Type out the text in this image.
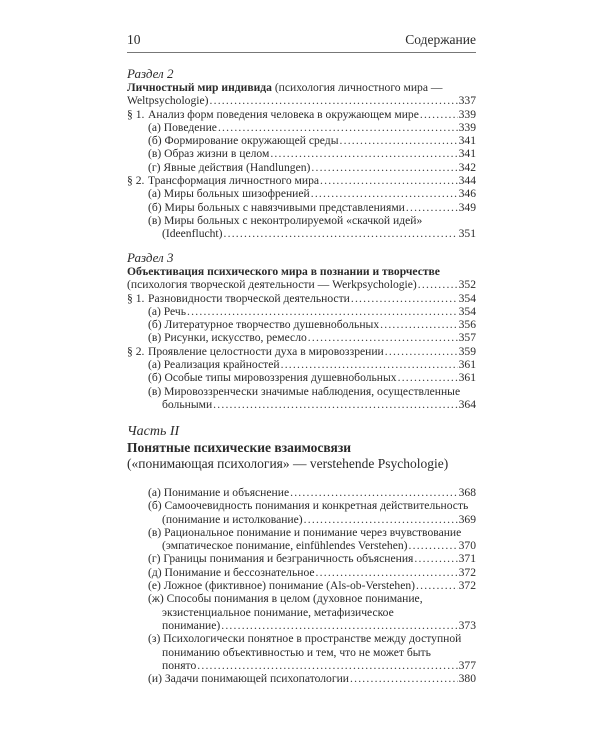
10	Содержание
Раздел 2
Личностный мир индивида (психология личностного мира —
Weltpsychologie) .....	337
§ 1. Анализ форм поведения человека в окружающем мире .....	339
(а) Поведение .....	339
(б) Формирование окружающей среды .....	341
(в) Образ жизни в целом .....	341
(г) Явные действия (Handlungen) .....	342
§ 2. Трансформация личностного мира .....	344
(а) Миры больных шизофренией .....	346
(б) Миры больных с навязчивыми представлениями .....	349
(в) Миры больных с неконтролируемой «скачкой идей»
(Ideenflucht) .....	351
Раздел 3
Объективация психического мира в познании и творчестве
(психология творческой деятельности — Werkpsychologie) .....	352
§ 1. Разновидности творческой деятельности .....	354
(а) Речь .....	354
(б) Литературное творчество душевнобольных .....	356
(в) Рисунки, искусство, ремесло .....	357
§ 2. Проявление целостности духа в мировоззрении .....	359
(а) Реализация крайностей .....	361
(б) Особые типы мировоззрения душевнобольных .....	361
(в) Мировоззренчески значимые наблюдения, осуществленные
больными .....	364
Часть II
Понятные психические взаимосвязи
(«понимающая психология» — verstehende Psychologie)
(а) Понимание и объяснение .....	368
(б) Самоочевидность понимания и конкретная действительность
(понимание и истолкование) .....	369
(в) Рациональное понимание и понимание через вчувствование
(эмпатическое понимание, einfühlendes Verstehen) .....	370
(г) Границы понимания и безграничность объяснения .....	371
(д) Понимание и бессознательное .....	372
(е) Ложное (фиктивное) понимание (Als-ob-Verstehen) .....	372
(ж) Способы понимания в целом (духовное понимание,
экзистенциальное понимание, метафизическое
понимание) .....	373
(з) Психологически понятное в пространстве между доступной
пониманию объективностью и тем, что не может быть
понято .....	377
(и) Задачи понимающей психопатологии .....	380
